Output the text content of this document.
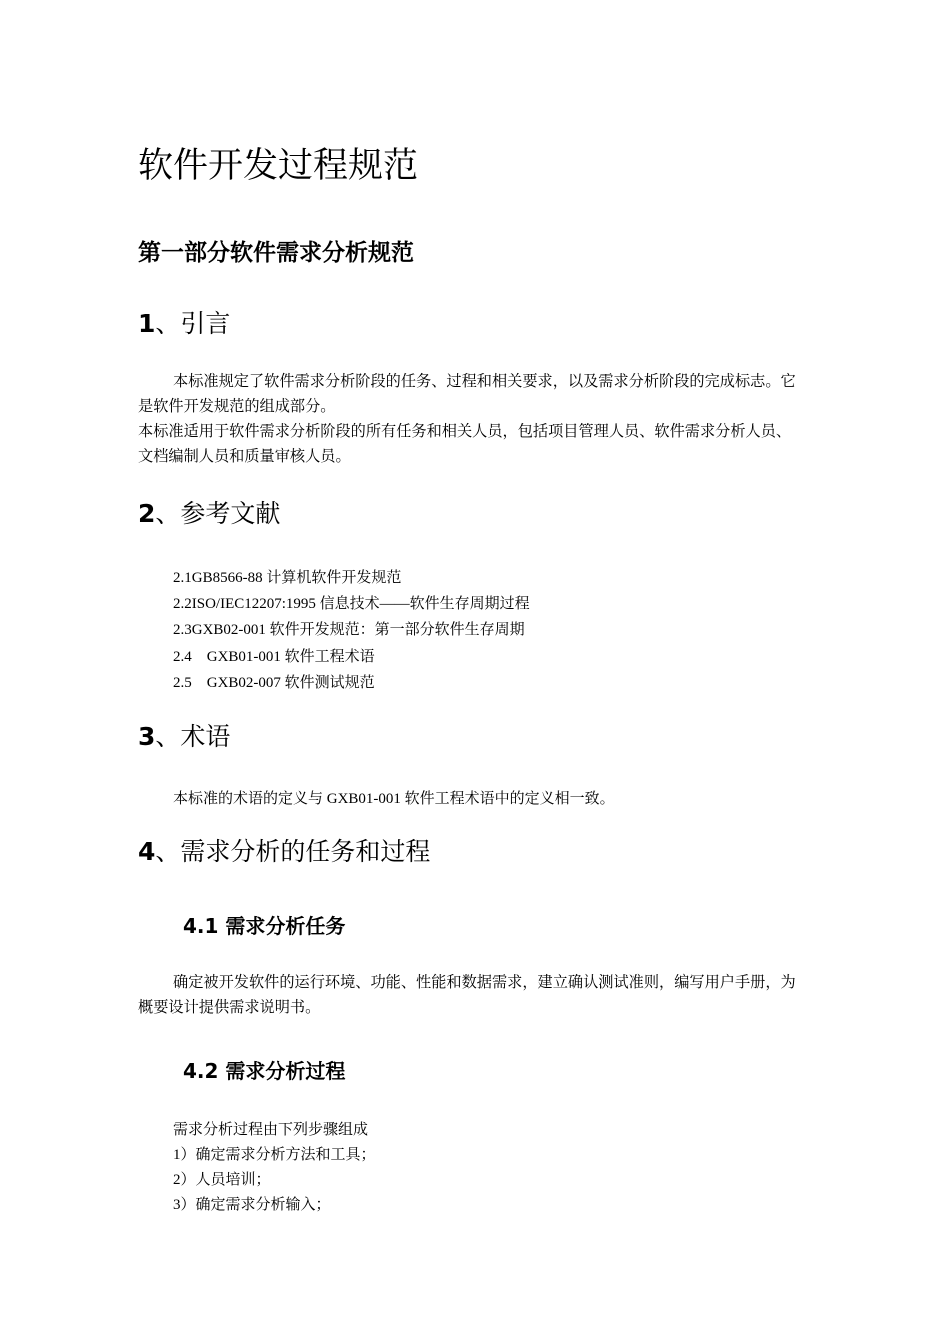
软件开发过程规范
第一部分软件需求分析规范
1、引言
本标准规定了软件需求分析阶段的任务、过程和相关要求，以及需求分析阶段的完成标志。它是软件开发规范的组成部分。
本标准适用于软件需求分析阶段的所有任务和相关人员，包括项目管理人员、软件需求分析人员、文档编制人员和质量审核人员。
2、参考文献
2.1GB8566-88 计算机软件开发规范
2.2ISO/IEC12207:1995 信息技术——软件生存周期过程
2.3GXB02-001 软件开发规范：第一部分软件生存周期
2.4    GXB01-001 软件工程术语
2.5    GXB02-007 软件测试规范
3、术语
本标准的术语的定义与 GXB01-001 软件工程术语中的定义相一致。
4、需求分析的任务和过程
4.1 需求分析任务
确定被开发软件的运行环境、功能、性能和数据需求，建立确认测试准则，编写用户手册，为概要设计提供需求说明书。
4.2 需求分析过程
需求分析过程由下列步骤组成
1）确定需求分析方法和工具；
2）人员培训；
3）确定需求分析输入；
